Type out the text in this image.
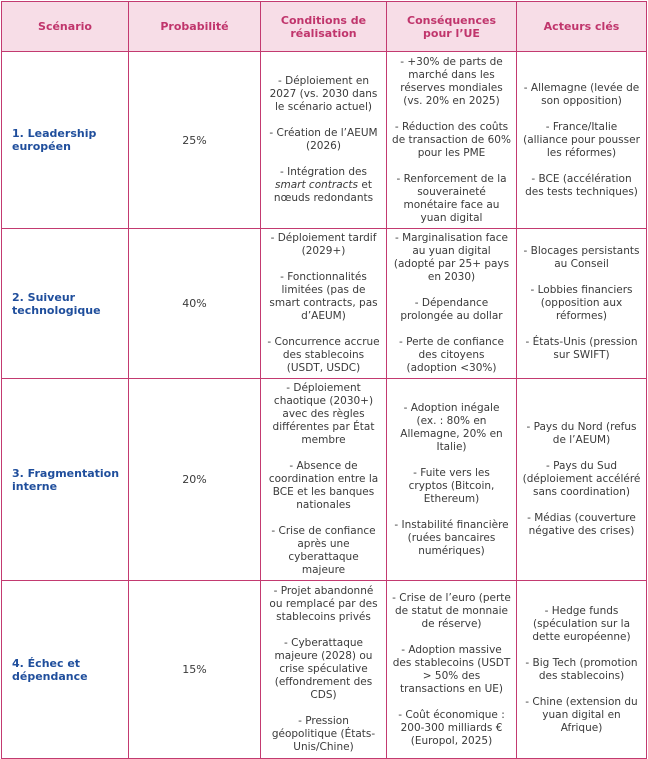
Scénario	Probabilité	Conditions de réalisation	Conséquences pour l’UE	Acteurs clés
1. Leadership européen	25%	- Déploiement en 2027 (vs. 2030 dans le scénario actuel)
- Création de l’AEUM (2026)
- Intégration des smart contracts et nœuds redondants	- +30% de parts de marché dans les réserves mondiales (vs. 20% en 2025)
- Réduction des coûts de transaction de 60% pour les PME
- Renforcement de la souveraineté monétaire face au yuan digital	- Allemagne (levée de son opposition)
- France/Italie (alliance pour pousser les réformes)
- BCE (accélération des tests techniques)

2. Suiveur technologique	40%	- Déploiement tardif (2029+)
- Fonctionnalités limitées (pas de smart contracts, pas d’AEUM)
- Concurrence accrue des stablecoins (USDT, USDC)	- Marginalisation face au yuan digital (adopté par 25+ pays en 2030)
- Dépendance prolongée au dollar
- Perte de confiance des citoyens (adoption <30%)	- Blocages persistants au Conseil
- Lobbies financiers (opposition aux réformes)
- États-Unis (pression sur SWIFT)

3. Fragmentation interne	20%	- Déploiement chaotique (2030+) avec des règles différentes par État membre
- Absence de coordination entre la BCE et les banques nationales
- Crise de confiance après une cyberattaque majeure	- Adoption inégale (ex. : 80% en Allemagne, 20% en Italie)
- Fuite vers les cryptos (Bitcoin, Ethereum)
- Instabilité financière (ruées bancaires numériques)	- Pays du Nord (refus de l’AEUM)
- Pays du Sud (déploiement accéléré sans coordination)
- Médias (couverture négative des crises)

4. Échec et dépendance	15%	- Projet abandonné ou remplacé par des stablecoins privés
- Cyberattaque majeure (2028) ou crise spéculative (effondrement des CDS)
- Pression géopolitique (États-Unis/Chine)	- Crise de l’euro (perte de statut de monnaie de réserve)
- Adoption massive des stablecoins (USDT > 50% des transactions en UE)
- Coût économique : 200-300 milliards € (Europol, 2025)	- Hedge funds (spéculation sur la dette européenne)
- Big Tech (promotion des stablecoins)
- Chine (extension du yuan digital en Afrique)
